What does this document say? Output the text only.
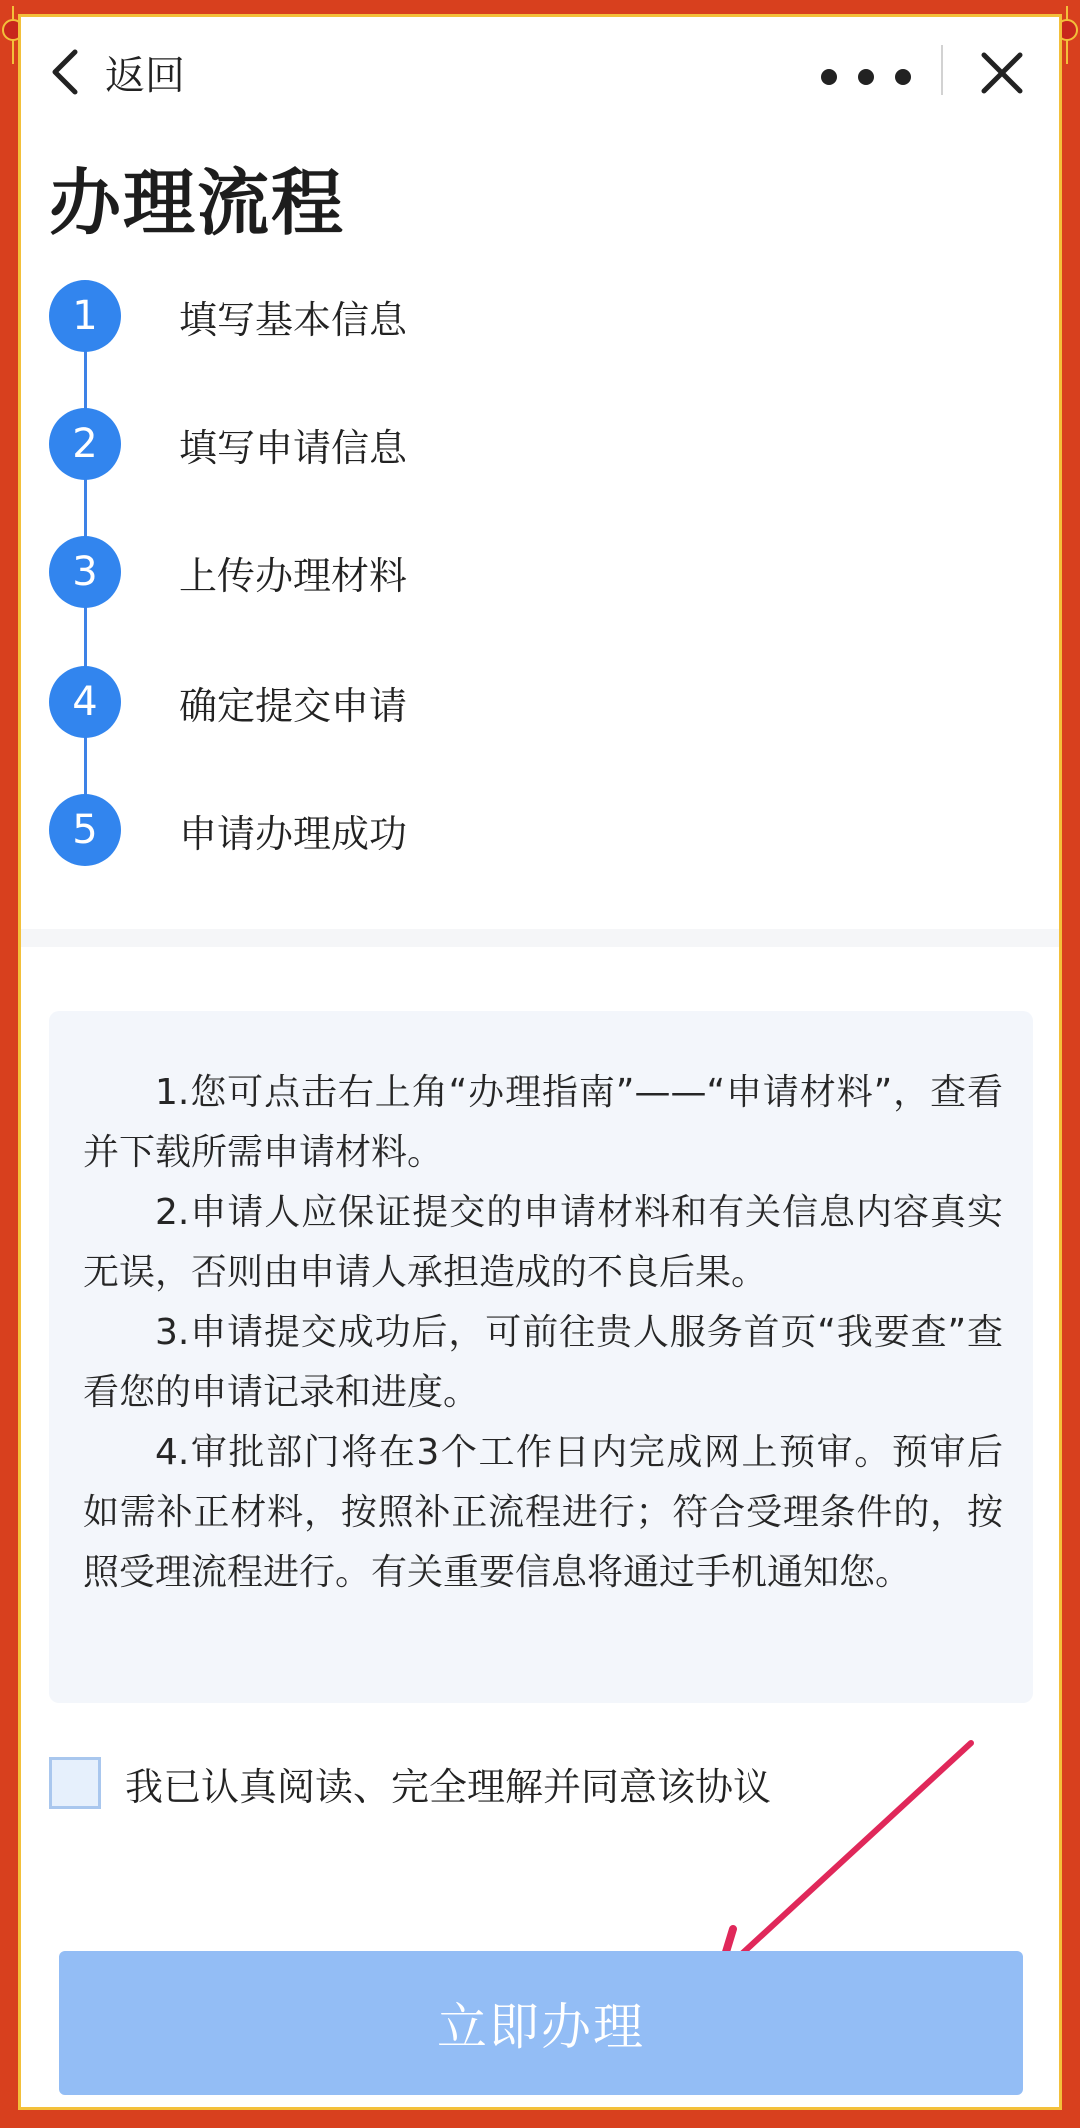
返回
办理流程
1	填写基本信息
2	填写申请信息
3	上传办理材料
4	确定提交申请
5	申请办理成功

1.您可点击右上角“办理指南”——“申请材料”，查看并下载所需申请材料。

2.申请人应保证提交的申请材料和有关信息内容真实无误，否则由申请人承担造成的不良后果。

3.申请提交成功后，可前往贵人服务首页“我要查”查看您的申请记录和进度。

4.审批部门将在3个工作日内完成网上预审。预审后如需补正材料，按照补正流程进行；符合受理条件的，按照受理流程进行。有关重要信息将通过手机通知您。

我已认真阅读、完全理解并同意该协议
立即办理
